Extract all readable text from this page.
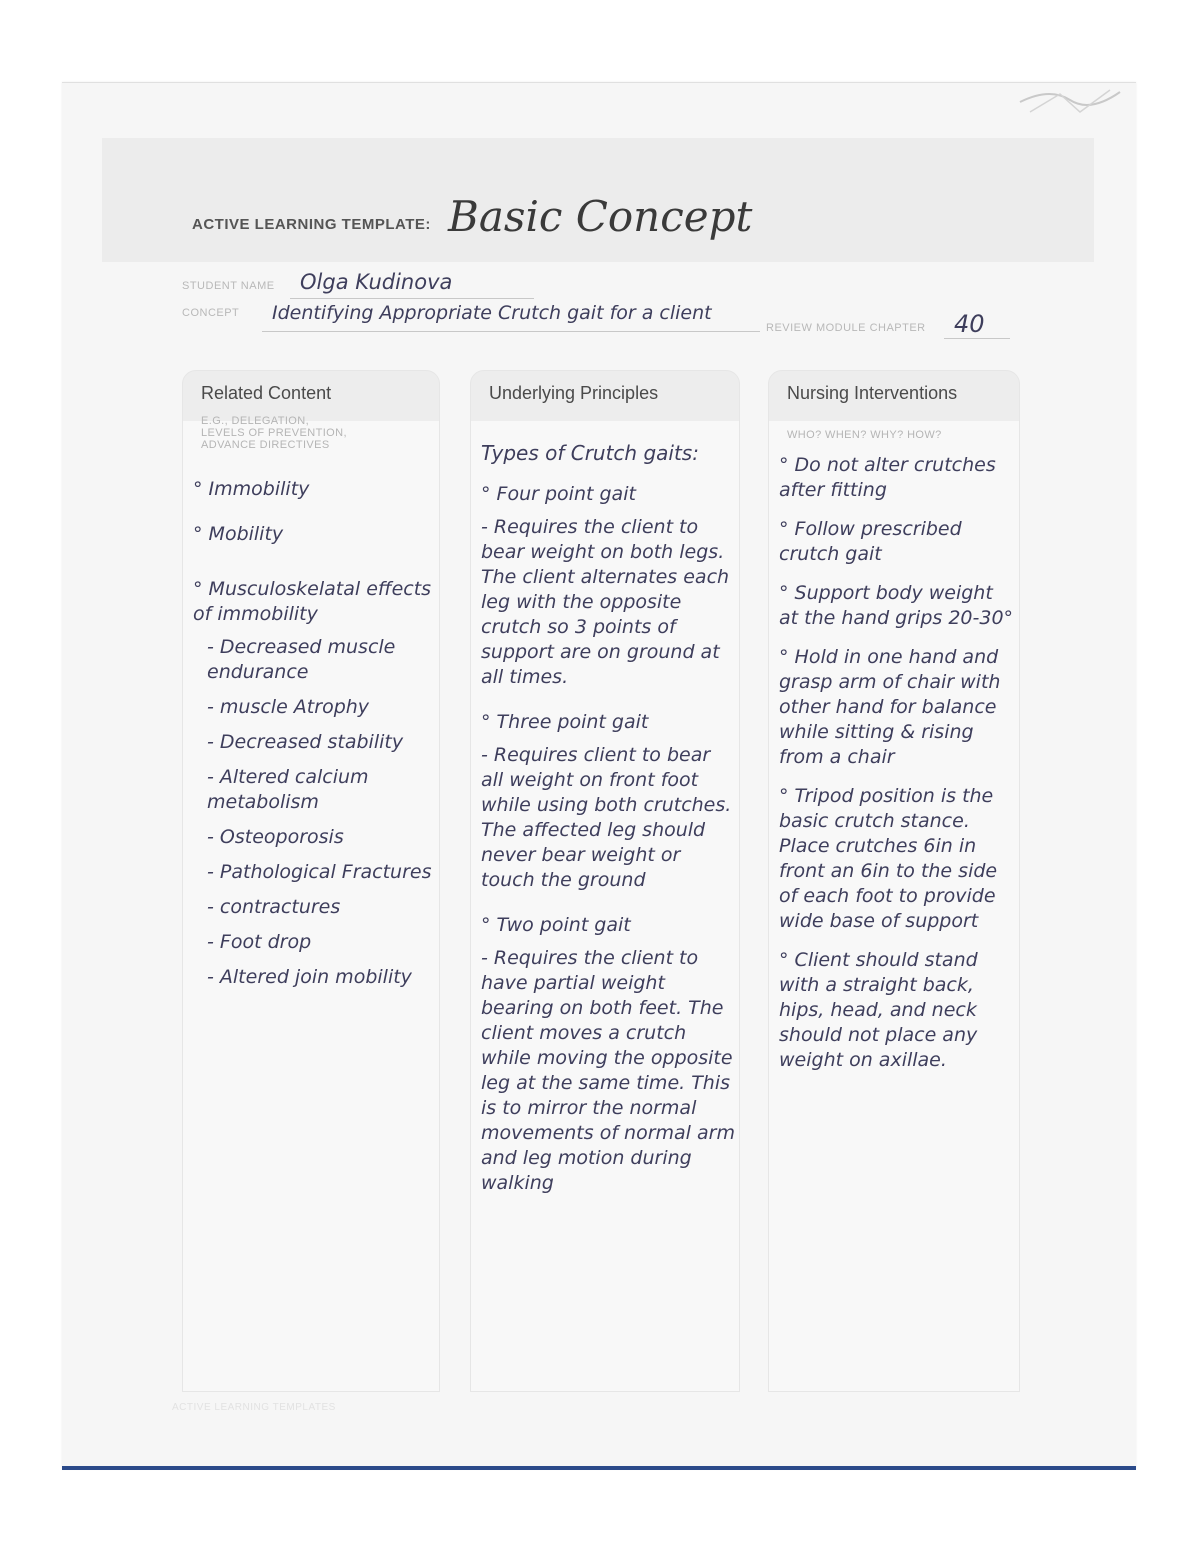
ACTIVE LEARNING TEMPLATE: Basic Concept
STUDENT NAME Olga Kudinova
CONCEPT Identifying Appropriate Crutch gait for a client
REVIEW MODULE CHAPTER 40
Related Content
E.G., DELEGATION,
LEVELS OF PREVENTION,
ADVANCE DIRECTIVES

° Immobility

° Mobility

° Musculoskelatal effects of immobility

- Decreased muscle endurance
- muscle Atrophy
- Decreased stability
- Altered calcium metabolism
- Osteoporosis
- Pathological Fractures
- contractures
- Foot drop
- Altered join mobility
Underlying Principles

Types of Crutch gaits:

° Four point gait

- Requires the client to bear weight on both legs. The client alternates each leg with the opposite crutch so 3 points of support are on ground at all times.

° Three point gait

- Requires client to bear all weight on front foot while using both crutches. The affected leg should never bear weight or touch the ground

° Two point gait

- Requires the client to have partial weight bearing on both feet. The client moves a crutch while moving the opposite leg at the same time. This is to mirror the normal movements of normal arm and leg motion during walking

Nursing Interventions
WHO? WHEN? WHY? HOW?

° Do not alter crutches after fitting

° Follow prescribed crutch gait

° Support body weight at the hand grips 20-30°

° Hold in one hand and grasp arm of chair with other hand for balance while sitting & rising from a chair

° Tripod position is the basic crutch stance. Place crutches 6in in front an 6in to the side of each foot to provide wide base of support

° Client should stand with a straight back, hips, head, and neck should not place any weight on axillae.

ACTIVE LEARNING TEMPLATES
